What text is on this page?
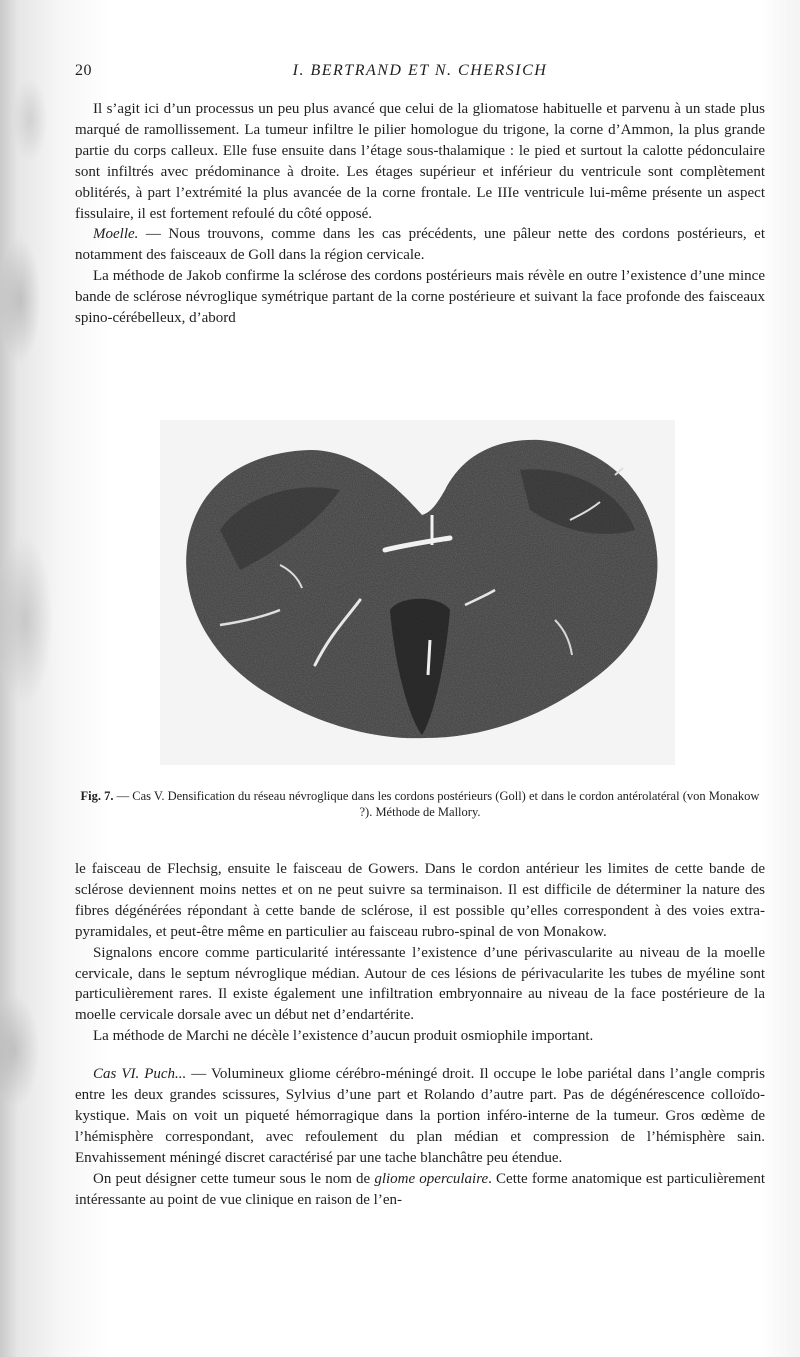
20	I. BERTRAND ET N. CHERSICH

Il s’agit ici d’un processus un peu plus avancé que celui de la gliomatose habituelle et parvenu à un stade plus marqué de ramollissement. La tumeur infiltre le pilier homologue du trigone, la corne d’Ammon, la plus grande partie du corps calleux. Elle fuse ensuite dans l’étage sous-thalamique : le pied et surtout la calotte pédonculaire sont infiltrés avec prédominance à droite. Les étages supérieur et inférieur du ventricule sont complètement oblitérés, à part l’extrémité la plus avancée de la corne frontale. Le IIIe ventricule lui-même présente un aspect fissulaire, il est fortement refoulé du côté opposé.

Moelle. — Nous trouvons, comme dans les cas précédents, une pâleur nette des cordons postérieurs, et notamment des faisceaux de Goll dans la région cervicale.

La méthode de Jakob confirme la sclérose des cordons postérieurs mais révèle en outre l’existence d’une mince bande de sclérose névroglique symétrique partant de la corne postérieure et suivant la face profonde des faisceaux spino-cérébelleux, d’abord

Fig. 7. — Cas V. Densification du réseau névroglique dans les cordons postérieurs (Goll) et dans le cordon antérolatéral (von Monakow ?). Méthode de Mallory.

le faisceau de Flechsig, ensuite le faisceau de Gowers. Dans le cordon antérieur les limites de cette bande de sclérose deviennent moins nettes et on ne peut suivre sa terminaison. Il est difficile de déterminer la nature des fibres dégénérées répondant à cette bande de sclérose, il est possible qu’elles correspondent à des voies extra-pyramidales, et peut-être même en particulier au faisceau rubro-spinal de von Monakow.

Signalons encore comme particularité intéressante l’existence d’une périvascularite au niveau de la moelle cervicale, dans le septum névroglique médian. Autour de ces lésions de périvacularite les tubes de myéline sont particulièrement rares. Il existe également une infiltration embryonnaire au niveau de la face postérieure de la moelle cervicale dorsale avec un début net d’endartérite.

La méthode de Marchi ne décèle l’existence d’aucun produit osmiophile important.

Cas VI. Puch... — Volumineux gliome cérébro-méningé droit. Il occupe le lobe pariétal dans l’angle compris entre les deux grandes scissures, Sylvius d’une part et Rolando d’autre part. Pas de dégénérescence colloïdo-kystique. Mais on voit un piqueté hémorragique dans la portion inféro-interne de la tumeur. Gros œdème de l’hémisphère correspondant, avec refoulement du plan médian et compression de l’hémisphère sain. Envahissement méningé discret caractérisé par une tache blanchâtre peu étendue.

On peut désigner cette tumeur sous le nom de gliome operculaire. Cette forme anatomique est particulièrement intéressante au point de vue clinique en raison de l’en-
